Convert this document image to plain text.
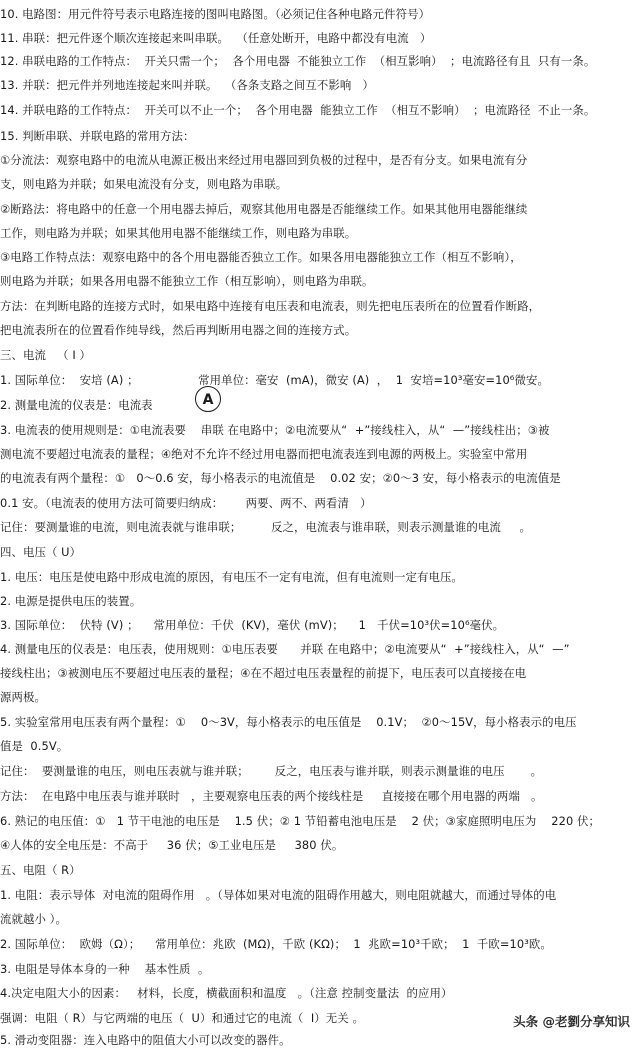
10. 电路图：用元件符号表示电路连接的图叫电路图。（必须记住各种电路元件符号）
11. 串联：把元件逐个顺次连接起来叫串联。  （任意处断开，电路中都没有电流   ）
12. 串联电路的工作特点：  开关只需一个；  各个用电器  不能独立工作  （相互影响）  ；电流路径有且  只有一条。
13. 并联：把元件并列地连接起来叫并联。  （各条支路之间互不影响   ）
14. 并联电路的工作特点：  开关可以不止一个；  各个用电器  能独立工作  （相互不影响）  ；电流路径  不止一条。
15. 判断串联、并联电路的常用方法：
①分流法：观察电路中的电流从电源正极出来经过用电器回到负极的过程中，是否有分支。如果电流有分
支，则电路为并联；如果电流没有分支，则电路为串联。
②断路法：将电路中的任意一个用电器去掉后，观察其他用电器是否能继续工作。如果其他用电器能继续
工作，则电路为并联；如果其他用电器不能继续工作，则电路为串联。
③电路工作特点法：观察电路中的各个用电器能否独立工作。如果各用电器能独立工作（相互不影响），
则电路为并联；如果各用电器不能独立工作（相互影响），则电路为串联。
方法：在判断电路的连接方式时，如果电路中连接有电压表和电流表，则先把电压表所在的位置看作断路，
把电流表所在的位置看作纯导线，然后再判断用电器之间的连接方式。
三、电流   （ I ）
1. 国际单位：  安培 (A) ；                常用单位：毫安  (mA)，微安 (A)  ，  1  安培=10³毫安=10⁶微安。
2. 测量电流的仪表是：电流表
3. 电流表的使用规则是：①电流表要    串联 在电路中；②电流要从“  +”接线柱入，从“  —”接线柱出；③被
测电流不要超过电流表的量程；④绝对不允许不经过用电器而把电流表连到电源的两极上。实验室中常用
的电流表有两个量程：①   0～0.6 安，每小格表示的电流值是    0.02 安；②0～3 安，每小格表示的电流值是
0.1 安。（电流表的使用方法可简要归纳成：      两要、两不、两看清   ）
记住：要测量谁的电流，则电流表就与谁串联；        反之，电流表与谁串联，则表示测量谁的电流     。
四、电压（ U）
1. 电压：电压是使电路中形成电流的原因，有电压不一定有电流，但有电流则一定有电压。
2. 电源是提供电压的装置。
3. 国际单位：  伏特 (V) ；    常用单位：千伏  (KV)，毫伏 (mV)；    1   千伏=10³伏=10⁶毫伏。
4. 测量电压的仪表是：电压表，使用规则：①电压表要      并联 在电路中；②电流要从“  +”接线柱入，从“  —”
接线柱出；③被测电压不要超过电压表的量程；④在不超过电压表量程的前提下，电压表可以直接接在电
源两极。
5. 实验室常用电压表有两个量程：①    0～3V，每小格表示的电压值是    0.1V；  ②0～15V，每小格表示的电压
值是  0.5V。
记住：  要测量谁的电压，则电压表就与谁并联；       反之，电压表与谁并联，则表示测量谁的电压       。
方法：  在电路中电压表与谁并联时   ，主要观察电压表的两个接线柱是     直接接在哪个用电器的两端   。
6. 熟记的电压值：①   1 节干电池的电压是    1.5 伏；② 1 节铅蓄电池电压是    2 伏；③家庭照明电压为    220 伏；
④人体的安全电压是：不高于     36 伏；⑤工业电压是     380 伏。
五、电阻（ R）
1. 电阻：表示导体  对电流的阻碍作用   。（导体如果对电流的阻碍作用越大，则电阻就越大，而通过导体的电
流就越小 ）。
2. 国际单位：  欧姆（Ω）；    常用单位：兆欧  (MΩ)，千欧 (KΩ)；  1  兆欧=10³千欧；  1  千欧=10³欧。
3. 电阻是导体本身的一种    基本性质  。
4.决定电阻大小的因素：   材料，长度，横截面积和温度   。（注意 控制变量法  的应用）
强调：电阻（ R）与它两端的电压（  U）和通过它的电流（  I）无关 。
5. 滑动变阻器：连入电路中的阻值大小可以改变的器件。
A
头条 @老劉分享知识
